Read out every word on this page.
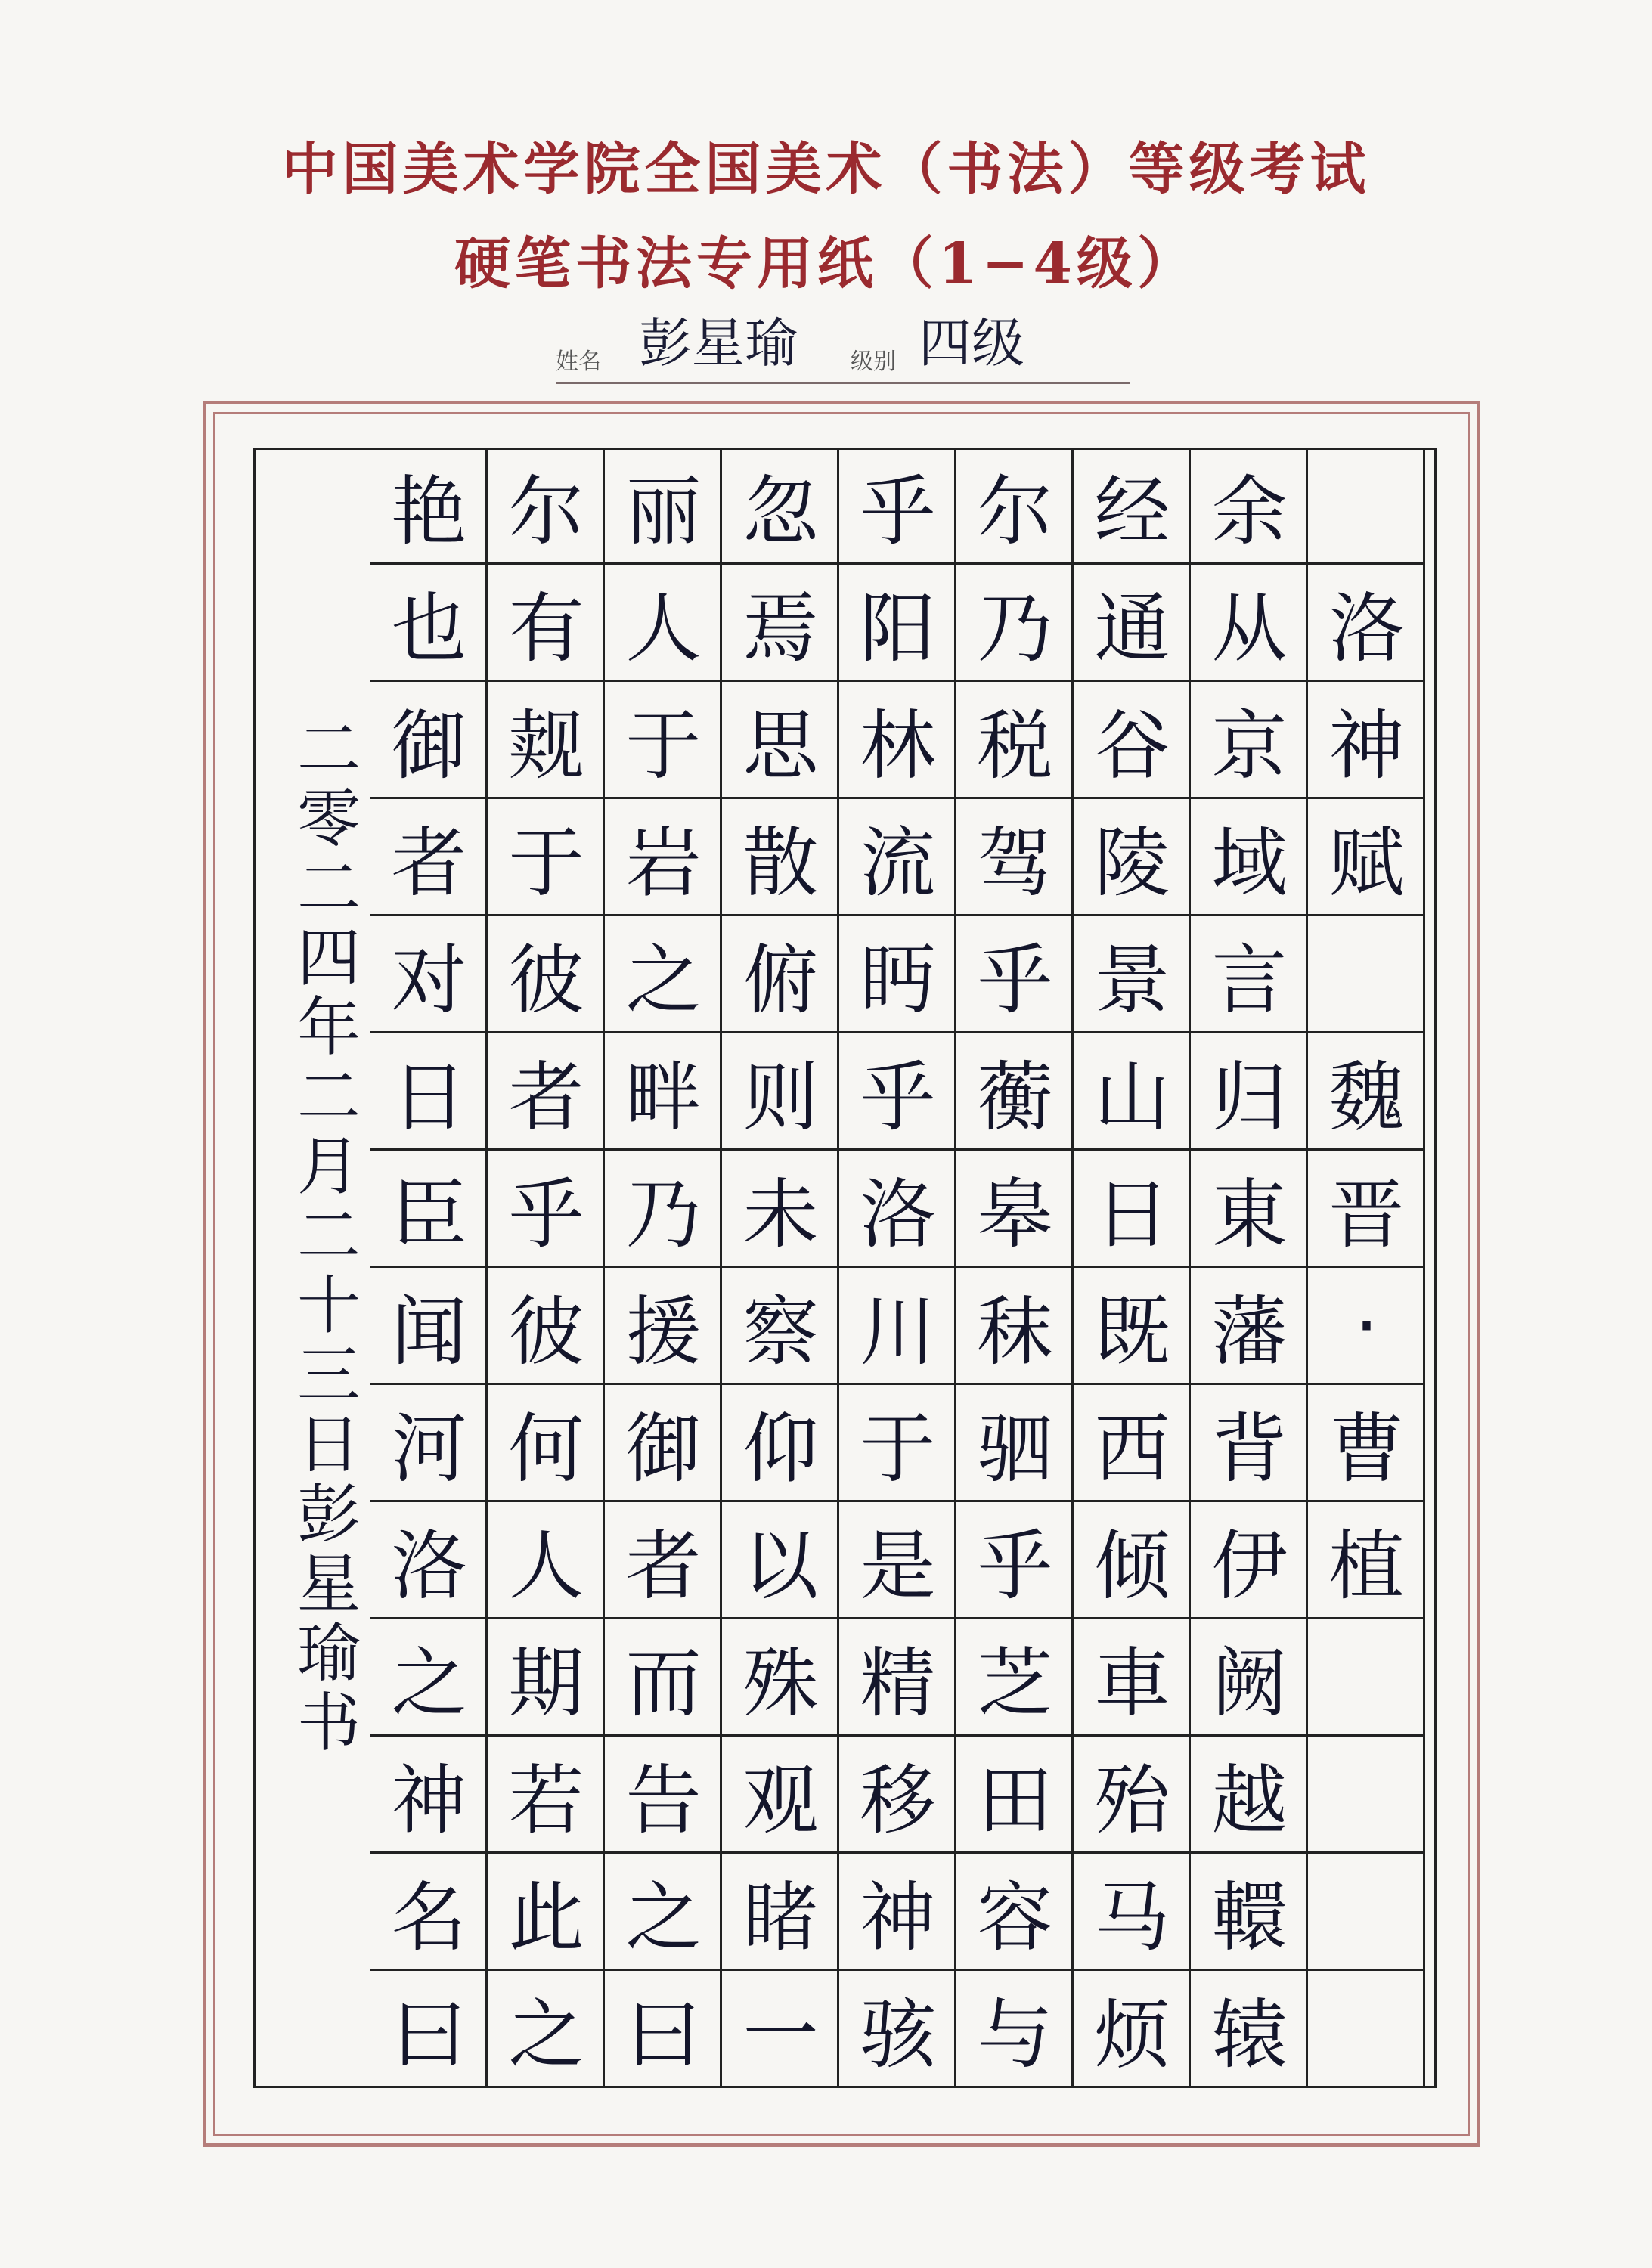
中国美术学院全国美术（书法）等级考试
硬笔书法专用纸（1−4级）
姓名 彭星瑜 级别 四级
洛
神
赋
魏
晋
·
曹
植
余
从
京
域
言
归
東
藩
背
伊
阙
越
轘
辕
经
通
谷
陵
景
山
日
既
西
倾
車
殆
马
烦
尔
乃
税
驾
乎
蘅
皋
秣
驷
乎
芝
田
容
与
乎
阳
林
流
眄
乎
洛
川
于
是
精
移
神
骇
忽
焉
思
散
俯
则
未
察
仰
以
殊
观
睹
一
丽
人
于
岩
之
畔
乃
援
御
者
而
告
之
曰
尔
有
觌
于
彼
者
乎
彼
何
人
期
若
此
之
艳
也
御
者
对
日
臣
闻
河
洛
之
神
名
曰
二零二四年二月二十三日彭星瑜书
